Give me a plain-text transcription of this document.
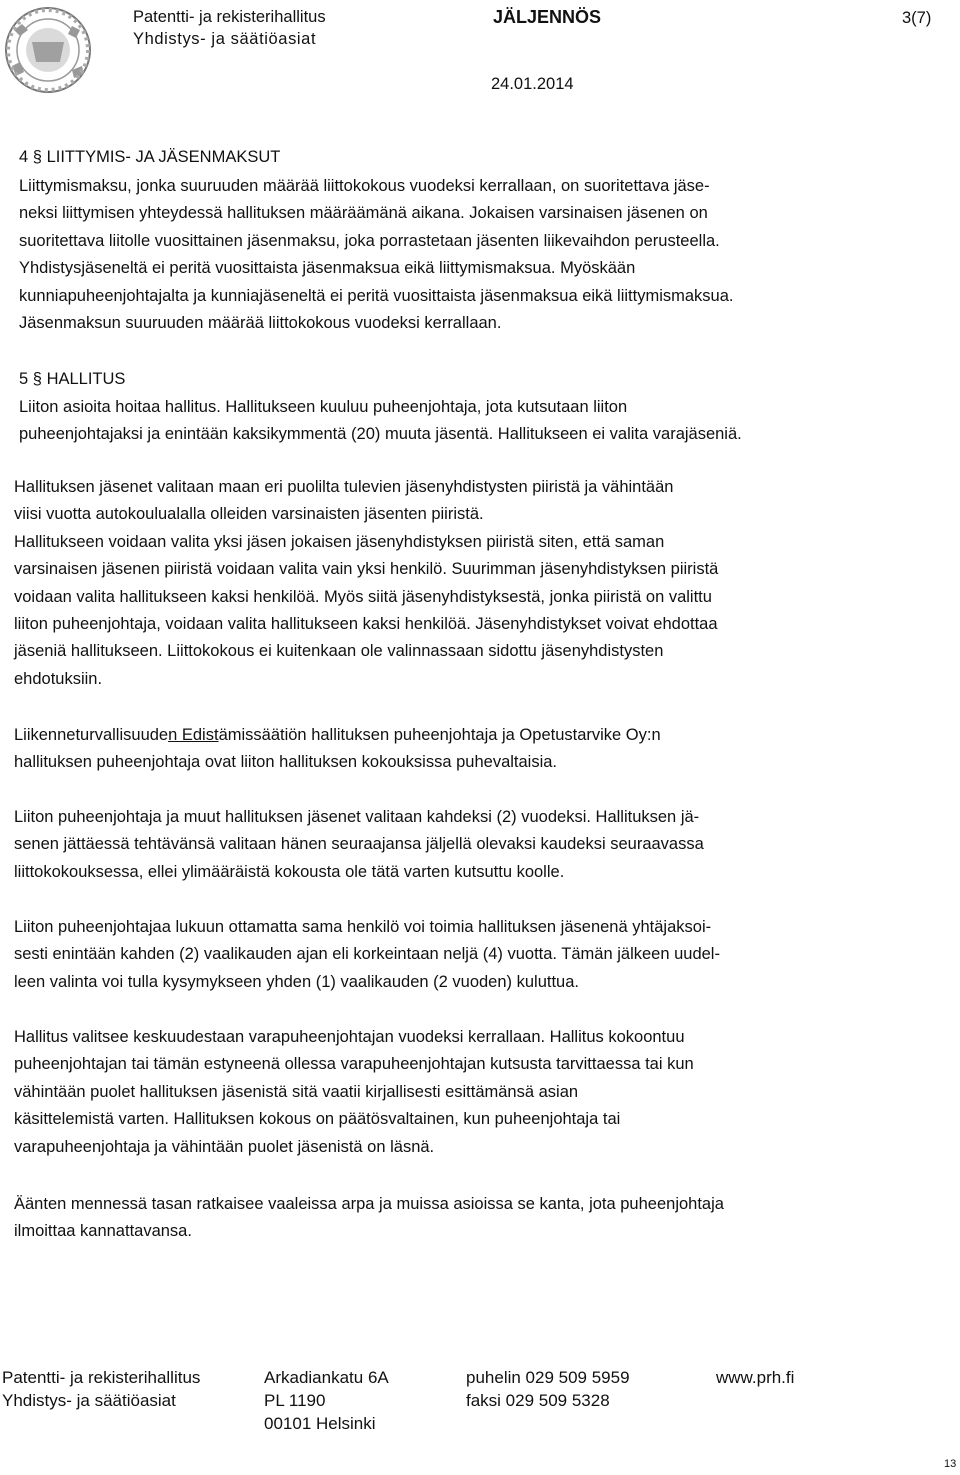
Patentti- ja rekisterihallitus
Yhdistys- ja säätiöasiat
JÄLJENNÖS	3(7)
24.01.2014
4 § LIITTYMIS- JA JÄSENMAKSUT
Liittymismaksu, jonka suuruuden määrää liittokokous vuodeksi kerrallaan, on suoritettava jäse-
neksi liittymisen yhteydessä hallituksen määräämänä aikana. Jokaisen varsinaisen jäsenen on
suoritettava liitolle vuosittainen jäsenmaksu, joka porrastetaan jäsenten liikevaihdon perusteella.
Yhdistysjäseneltä ei peritä vuosittaista jäsenmaksua eikä liittymismaksua. Myöskään
kunniapuheenjohtajalta ja kunniajäseneltä ei peritä vuosittaista jäsenmaksua eikä liittymismaksua.
Jäsenmaksun suuruuden määrää liittokokous vuodeksi kerrallaan.
5 § HALLITUS
Liiton asioita hoitaa hallitus. Hallitukseen kuuluu puheenjohtaja, jota kutsutaan liiton
puheenjohtajaksi ja enintään kaksikymmentä (20) muuta jäsentä. Hallitukseen ei valita varajäseniä.
Hallituksen jäsenet valitaan maan eri puolilta tulevien jäsenyhdistysten piiristä ja vähintään
viisi vuotta autokoulualalla olleiden varsinaisten jäsenten piiristä.
Hallitukseen voidaan valita yksi jäsen jokaisen jäsenyhdistyksen piiristä siten, että saman
varsinaisen jäsenen piiristä voidaan valita vain yksi henkilö. Suurimman jäsenyhdistyksen piiristä
voidaan valita hallitukseen kaksi henkilöä. Myös siitä jäsenyhdistyksestä, jonka piiristä on valittu
liiton puheenjohtaja, voidaan valita hallitukseen kaksi henkilöä. Jäsenyhdistykset voivat ehdottaa
jäseniä hallitukseen. Liittokokous ei kuitenkaan ole valinnassaan sidottu jäsenyhdistysten
ehdotuksiin.
Liikenneturvallisuuden Edistämissäätiön hallituksen puheenjohtaja ja Opetustarvike Oy:n
hallituksen puheenjohtaja ovat liiton hallituksen kokouksissa puhevaltaisia.
Liiton puheenjohtaja ja muut hallituksen jäsenet valitaan kahdeksi (2) vuodeksi. Hallituksen jä-
senen jättäessä tehtävänsä valitaan hänen seuraajansa jäljellä olevaksi kaudeksi seuraavassa
liittokokouksessa, ellei ylimääräistä kokousta ole tätä varten kutsuttu koolle.
Liiton puheenjohtajaa lukuun ottamatta sama henkilö voi toimia hallituksen jäsenenä yhtäjaksoi-
sesti enintään kahden (2) vaalikauden ajan eli korkeintaan neljä (4) vuotta. Tämän jälkeen uudel-
leen valinta voi tulla kysymykseen yhden (1) vaalikauden (2 vuoden) kuluttua.
Hallitus valitsee keskuudestaan varapuheenjohtajan vuodeksi kerrallaan. Hallitus kokoontuu
puheenjohtajan tai tämän estyneenä ollessa varapuheenjohtajan kutsusta tarvittaessa tai kun
vähintään puolet hallituksen jäsenistä sitä vaatii kirjallisesti esittämänsä asian
käsittelemistä varten. Hallituksen kokous on päätösvaltainen, kun puheenjohtaja tai
varapuheenjohtaja ja vähintään puolet jäsenistä on läsnä.
Äänten mennessä tasan ratkaisee vaaleissa arpa ja muissa asioissa se kanta, jota puheenjohtaja
ilmoittaa kannattavansa.
Patentti- ja rekisterihallitus
Yhdistys- ja säätiöasiat
Arkadiankatu 6A
PL 1190
00101 Helsinki
puhelin 029 509 5959
faksi 029 509 5328
www.prh.fi
13
